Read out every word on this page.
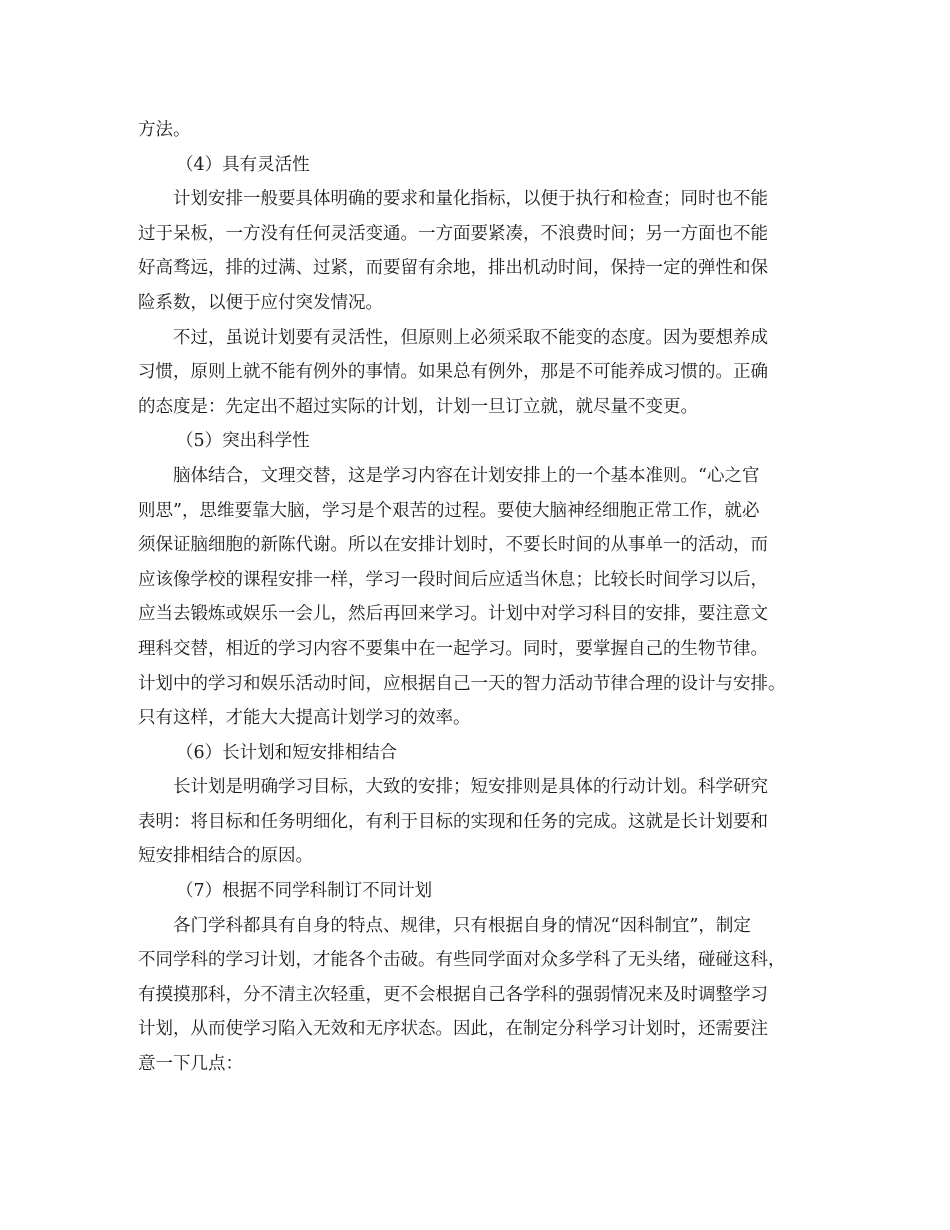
方法。
（4）具有灵活性
计划安排一般要具体明确的要求和量化指标，以便于执行和检查；同时也不能
过于呆板，一方没有任何灵活变通。一方面要紧凑，不浪费时间；另一方面也不能
好高骛远，排的过满、过紧，而要留有余地，排出机动时间，保持一定的弹性和保
险系数，以便于应付突发情况。
不过，虽说计划要有灵活性，但原则上必须采取不能变的态度。因为要想养成
习惯，原则上就不能有例外的事情。如果总有例外，那是不可能养成习惯的。正确
的态度是：先定出不超过实际的计划，计划一旦订立就，就尽量不变更。
（5）突出科学性
脑体结合，文理交替，这是学习内容在计划安排上的一个基本准则。“心之官
则思”，思维要靠大脑，学习是个艰苦的过程。要使大脑神经细胞正常工作，就必
须保证脑细胞的新陈代谢。所以在安排计划时，不要长时间的从事单一的活动，而
应该像学校的课程安排一样，学习一段时间后应适当休息；比较长时间学习以后，
应当去锻炼或娱乐一会儿，然后再回来学习。计划中对学习科目的安排，要注意文
理科交替，相近的学习内容不要集中在一起学习。同时，要掌握自己的生物节律。
计划中的学习和娱乐活动时间，应根据自己一天的智力活动节律合理的设计与安排。
只有这样，才能大大提高计划学习的效率。
（6）长计划和短安排相结合
长计划是明确学习目标，大致的安排；短安排则是具体的行动计划。科学研究
表明：将目标和任务明细化，有利于目标的实现和任务的完成。这就是长计划要和
短安排相结合的原因。
（7）根据不同学科制订不同计划
各门学科都具有自身的特点、规律，只有根据自身的情况“因科制宜”，制定
不同学科的学习计划，才能各个击破。有些同学面对众多学科了无头绪，碰碰这科，
有摸摸那科，分不清主次轻重，更不会根据自己各学科的强弱情况来及时调整学习
计划，从而使学习陷入无效和无序状态。因此，在制定分科学习计划时，还需要注
意一下几点：
